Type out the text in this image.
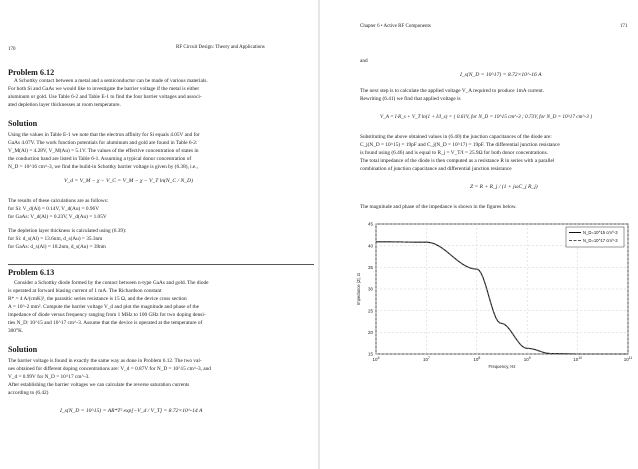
170	RF Circuit Design: Theory and Applications
Problem 6.12
A Schottky contact between a metal and a semiconductor can be made of various materials.
For both Si and GaAs we would like to investigate the barrier voltage if the metal is either
aluminum or gold. Use Table 6-2 and Table E-1 to find the four barrier voltages and associ-
ated depletion layer thicknesses at room temperature.
Solution
Using the values in Table E-1 we note that the electron affinity for Si equals 4.05V and for
GaAs 4.07V. The work function potentials for aluminum and gold are found in Table 6-2:
V_M(Al) = 4.28V, V_M(Au) = 5.1V. The values of the effective concentration of states in
the conduction band are listed in Table 6-1. Assuming a typical donor concentration of
N_D = 10^16 cm^-3, we find the build-in Schottky barrier voltage is given by (6.38), i.e.,
V_d = V_M − χ − V_C = V_M − χ − V_T ln(N_C / N_D)
The results of these calculations are as follows:
for Si: V_d(Al) = 0.14V, V_d(Au) = 0.96V
for GaAs: V_d(Al) = 0.23V, V_d(Au) = 1.05V
The depletion layer thickness is calculated using (6.39):
for Si: d_s(Al) = 13.6nm, d_s(Au) = 35.3nm
for GaAs: d_s(Al) = 18.2nm, d_s(Au) = 39nm
Problem 6.13
Consider a Schottky diode formed by the contact between n-type GaAs and gold. The diode
is operated at forward biasing current of 1 mA. The Richardson constant
R* = 4 A/(cmK)², the parasitic series resistance is 15 Ω, and the device cross section
A = 10^-2 mm². Compute the barrier voltage V_d and plot the magnitude and phase of the
impedance of diode versus frequency ranging from 1 MHz to 100 GHz for two doping densi-
ties N_D: 10^15 and 10^17 cm^-3. Assume that the device is operated at the temperature of
300°K.
Solution
The barrier voltage is found in exactly the same way as done in Problem 6.12. The two val-
ues obtained for different doping concentrations are: V_d = 0.87V for N_D = 10^15 cm^-3, and
V_d = 0.99V for N_D = 10^17 cm^-3.
After establishing the barrier voltages we can calculate the reverse saturation currents
according to (6.42)
I_s(N_D = 10^15) = AR*T² exp[−V_d / V_T] = 8.72×10^-14 A
Chapter 6 • Active RF Components	171
and
I_s(N_D = 10^17) = 8.72×10^-16 A
The next step is to calculate the applied voltage V_A required to produce 1mA current.
Rewriting (6.41) we find that applied voltage is
V_A = I·R_s + V_T ln(1 + I/I_s) = { 0.61V, for N_D = 10^15 cm^-3 ; 0.73V, for N_D = 10^17 cm^-3 }
Substituting the above obtained values in (6.40) the junction capacitances of the diode are:
C_j(N_D = 10^15) = 19pF and C_j(N_D = 10^17) = 19pF. The differential junction resistance
is found using (6.46) and is equal to R_j = V_T/I = 25.9Ω for both donor concentrations.
The total impedance of the diode is then computed as a resistance R in series with a parallel
combination of junction capacitance and differential junction resistance
Z = R + R_j / (1 + jωC_j R_j)
The magnitude and phase of the impedance is shown in the figures below.
15
20
25
30
35
40
45
$10^6$	$10^7$	$10^8$	$10^9$	$10^{10}$	$10^{11}$
Frequency, Hz
Impedance |Z|, Ω
N_D=10^15 cm^-3
N_D=10^17 cm^-3
